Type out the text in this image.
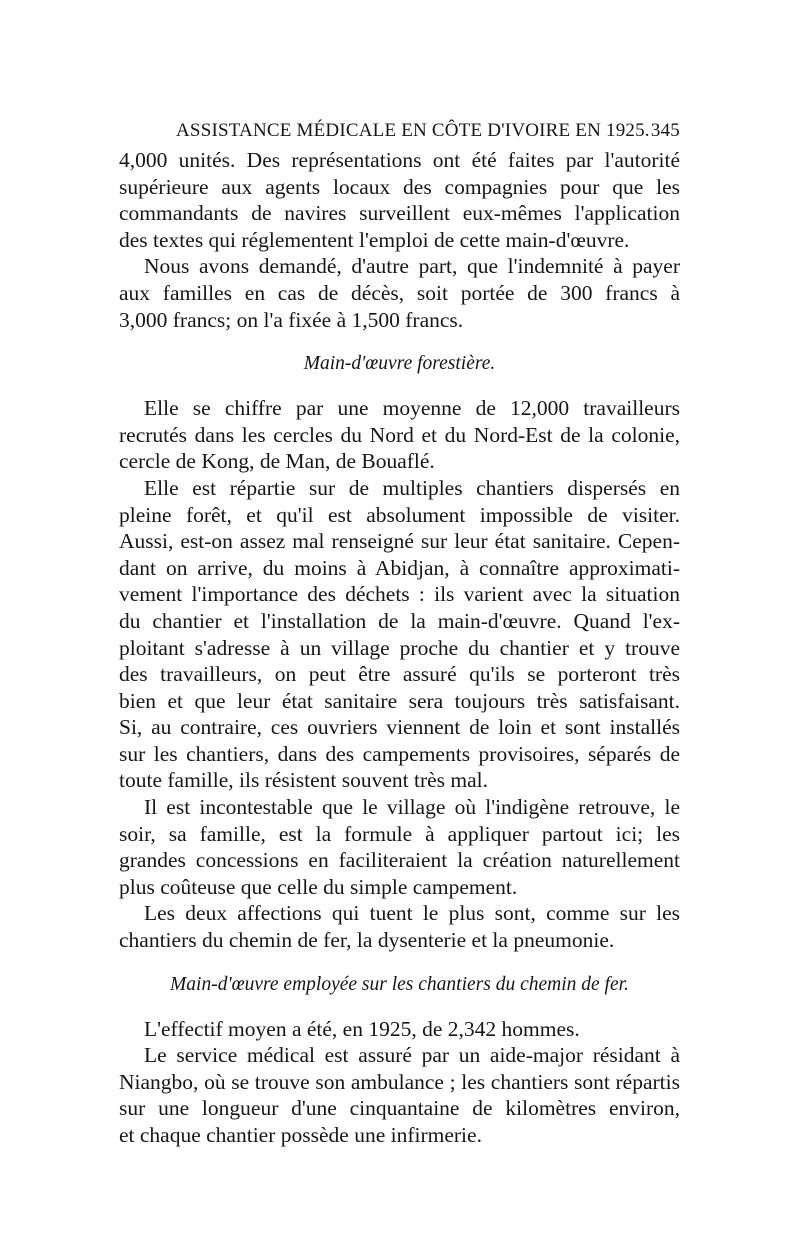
ASSISTANCE MÉDICALE EN CÔTE D'IVOIRE EN 1925. 345

4,000 unités. Des représentations ont été faites par l'autorité
supérieure aux agents locaux des compagnies pour que les
commandants de navires surveillent eux-mêmes l'application
des textes qui réglementent l'emploi de cette main-d'œuvre.

Nous avons demandé, d'autre part, que l'indemnité à payer
aux familles en cas de décès, soit portée de 300 francs à
3,000 francs; on l'a fixée à 1,500 francs.

Main-d'œuvre forestière.

Elle se chiffre par une moyenne de 12,000 travailleurs
recrutés dans les cercles du Nord et du Nord-Est de la colonie,
cercle de Kong, de Man, de Bouaflé.

Elle est répartie sur de multiples chantiers dispersés en
pleine forêt, et qu'il est absolument impossible de visiter.
Aussi, est-on assez mal renseigné sur leur état sanitaire. Cepen-
dant on arrive, du moins à Abidjan, à connaître approximati-
vement l'importance des déchets : ils varient avec la situation
du chantier et l'installation de la main-d'œuvre. Quand l'ex-
ploitant s'adresse à un village proche du chantier et y trouve
des travailleurs, on peut être assuré qu'ils se porteront très
bien et que leur état sanitaire sera toujours très satisfaisant.
Si, au contraire, ces ouvriers viennent de loin et sont installés
sur les chantiers, dans des campements provisoires, séparés de
toute famille, ils résistent souvent très mal.

Il est incontestable que le village où l'indigène retrouve, le
soir, sa famille, est la formule à appliquer partout ici; les
grandes concessions en faciliteraient la création naturellement
plus coûteuse que celle du simple campement.

Les deux affections qui tuent le plus sont, comme sur les
chantiers du chemin de fer, la dysenterie et la pneumonie.

Main-d'œuvre employée sur les chantiers du chemin de fer.

L'effectif moyen a été, en 1925, de 2,342 hommes.

Le service médical est assuré par un aide-major résidant à
Niangbo, où se trouve son ambulance ; les chantiers sont répartis
sur une longueur d'une cinquantaine de kilomètres environ,
et chaque chantier possède une infirmerie.
